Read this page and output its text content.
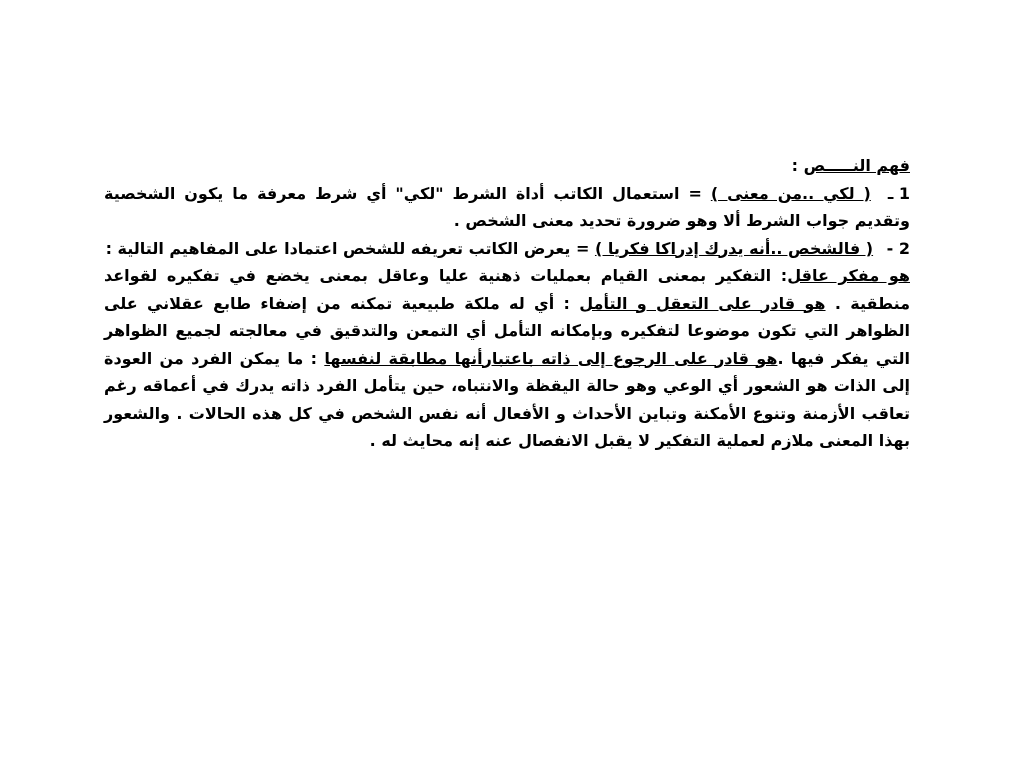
فهم النـــــص :

1 ـ ( لكي ..من معنى ) = استعمال الكاتب أداة الشرط "لكي" أي شرط معرفة ما يكون الشخصية وتقديم جواب الشرط ألا وهو ضرورة تحديد معنى الشخص .

2 - ( فالشخص ..أنه يدرك إدراكا فكريا ) = يعرض الكاتب تعريفه للشخص اعتمادا على المفاهيم التالية :

هو مفكر عاقل: التفكير بمعنى القيام بعمليات ذهنية عليا وعاقل بمعنى يخضع في تفكيره لقواعد منطقية . هو قادر على التعقل و التأمل : أي له ملكة طبيعية تمكنه من إضفاء طابع عقلاني على الظواهر التي تكون موضوعا لتفكيره وبإمكانه التأمل أي التمعن والتدقيق في معالجته لجميع الظواهر التي يفكر فيها .هو قادر على الرجوع إلى ذاته باعتبارأنها مطابقة لنفسها : ما يمكن الفرد من العودة إلى الذات هو الشعور أي الوعي وهو حالة اليقظة والانتباه، حين يتأمل الفرد ذاته يدرك في أعماقه رغم تعاقب الأزمنة وتنوع الأمكنة وتباين الأحداث و الأفعال أنه نفس الشخص في كل هذه الحالات . والشعور بهذا المعنى ملازم لعملية التفكير لا يقبل الانفصال عنه إنه محايث له .
